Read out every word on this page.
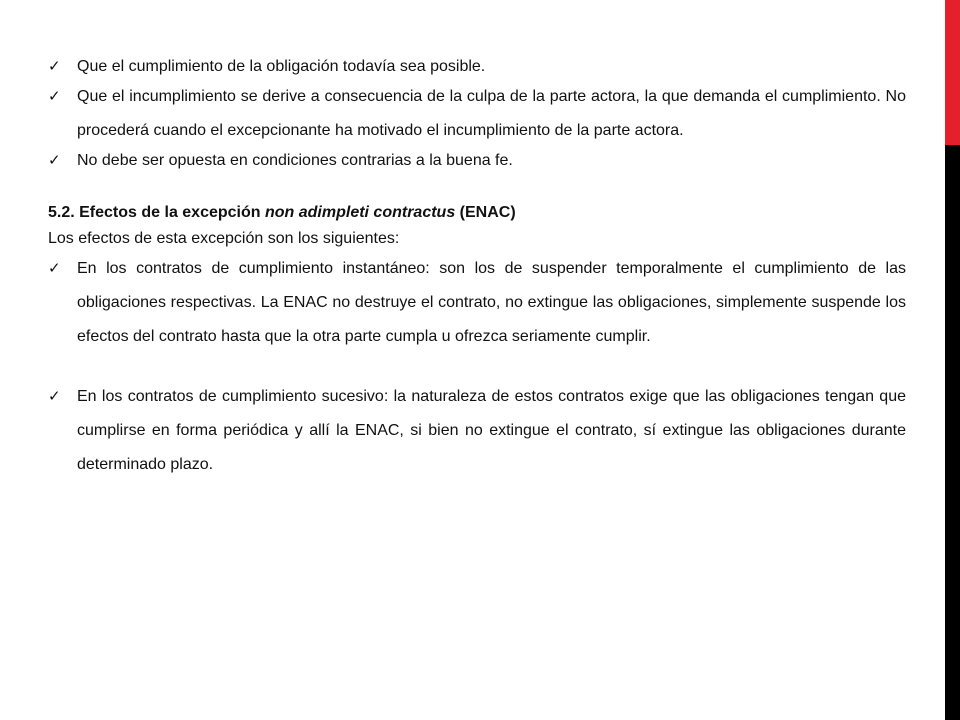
✓	Que el cumplimiento de la obligación todavía sea posible.

✓	Que el incumplimiento se derive a consecuencia de la culpa de la parte actora, la que demanda el cumplimiento. No procederá cuando el excepcionante ha motivado el incumplimiento de la parte actora.

✓	No debe ser opuesta en condiciones contrarias a la buena fe.

5.2. Efectos de la excepción non adimpleti contractus (ENAC)

Los efectos de esta excepción son los siguientes:

✓	En los contratos de cumplimiento instantáneo: son los de suspender temporalmente el cumplimiento de las obligaciones respectivas. La ENAC no destruye el contrato, no extingue las obligaciones, simplemente suspende los efectos del contrato hasta que la otra parte cumpla u ofrezca seriamente cumplir.

✓	En los contratos de cumplimiento sucesivo: la naturaleza de estos contratos exige que las obligaciones tengan que cumplirse en forma periódica y allí la ENAC, si bien no extingue el contrato, sí extingue las obligaciones durante determinado plazo.
